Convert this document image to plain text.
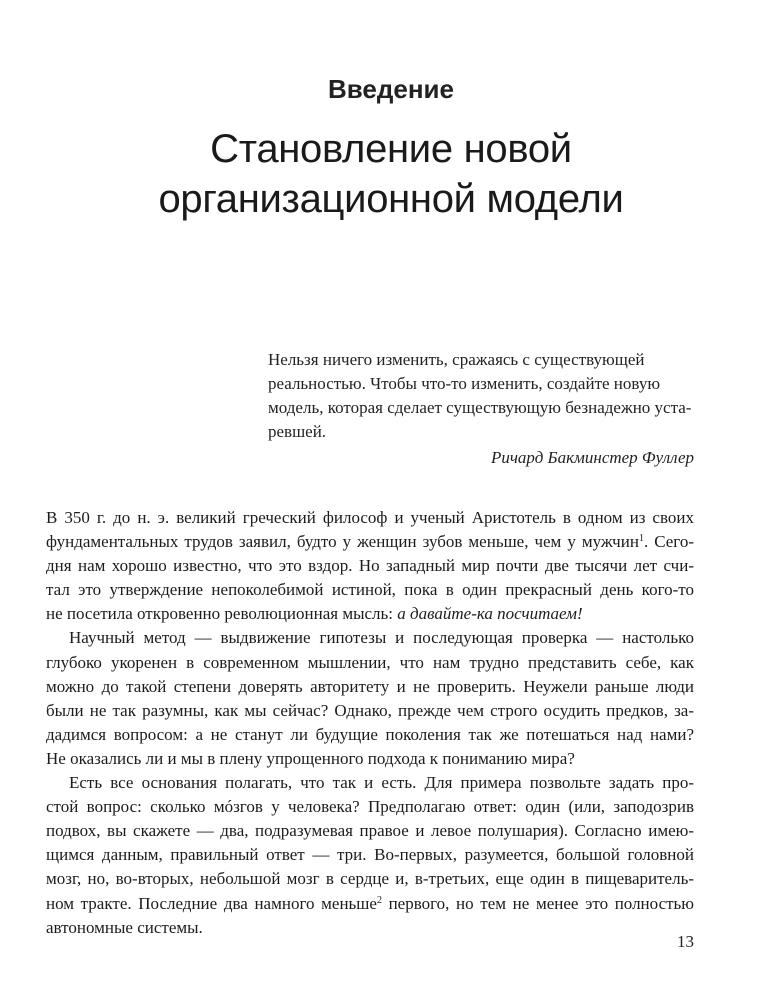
Введение
Становление новой
организационной модели
Нельзя ничего изменить, сражаясь с существующей
реальностью. Чтобы что-то изменить, создайте новую
модель, которая сделает существующую безнадежно уста-
ревшей.
Ричард Бакминстер Фуллер
В 350 г. до н. э. великий греческий философ и ученый Аристотель в одном из своих
фундаментальных трудов заявил, будто у женщин зубов меньше, чем у мужчин$^1$. Сего-
дня нам хорошо известно, что это вздор. Но западный мир почти две тысячи лет счи-
тал это утверждение непоколебимой истиной, пока в один прекрасный день кого-то
не посетила откровенно революционная мысль: а давайте-ка посчитаем!
Научный метод — выдвижение гипотезы и последующая проверка — настолько
глубоко укоренен в современном мышлении, что нам трудно представить себе, как
можно до такой степени доверять авторитету и не проверить. Неужели раньше люди
были не так разумны, как мы сейчас? Однако, прежде чем строго осудить предков, за-
дадимся вопросом: а не станут ли будущие поколения так же потешаться над нами?
Не оказались ли и мы в плену упрощенного подхода к пониманию мира?
Есть все основания полагать, что так и есть. Для примера позвольте задать про-
стой вопрос: сколько мóзгов у человека? Предполагаю ответ: один (или, заподозрив
подвох, вы скажете — два, подразумевая правое и левое полушария). Согласно имею-
щимся данным, правильный ответ — три. Во-первых, разумеется, большой головной
мозг, но, во-вторых, небольшой мозг в сердце и, в-третьих, еще один в пищеваритель-
ном тракте. Последние два намного меньше$^2$ первого, но тем не менее это полностью
автономные системы.
13
